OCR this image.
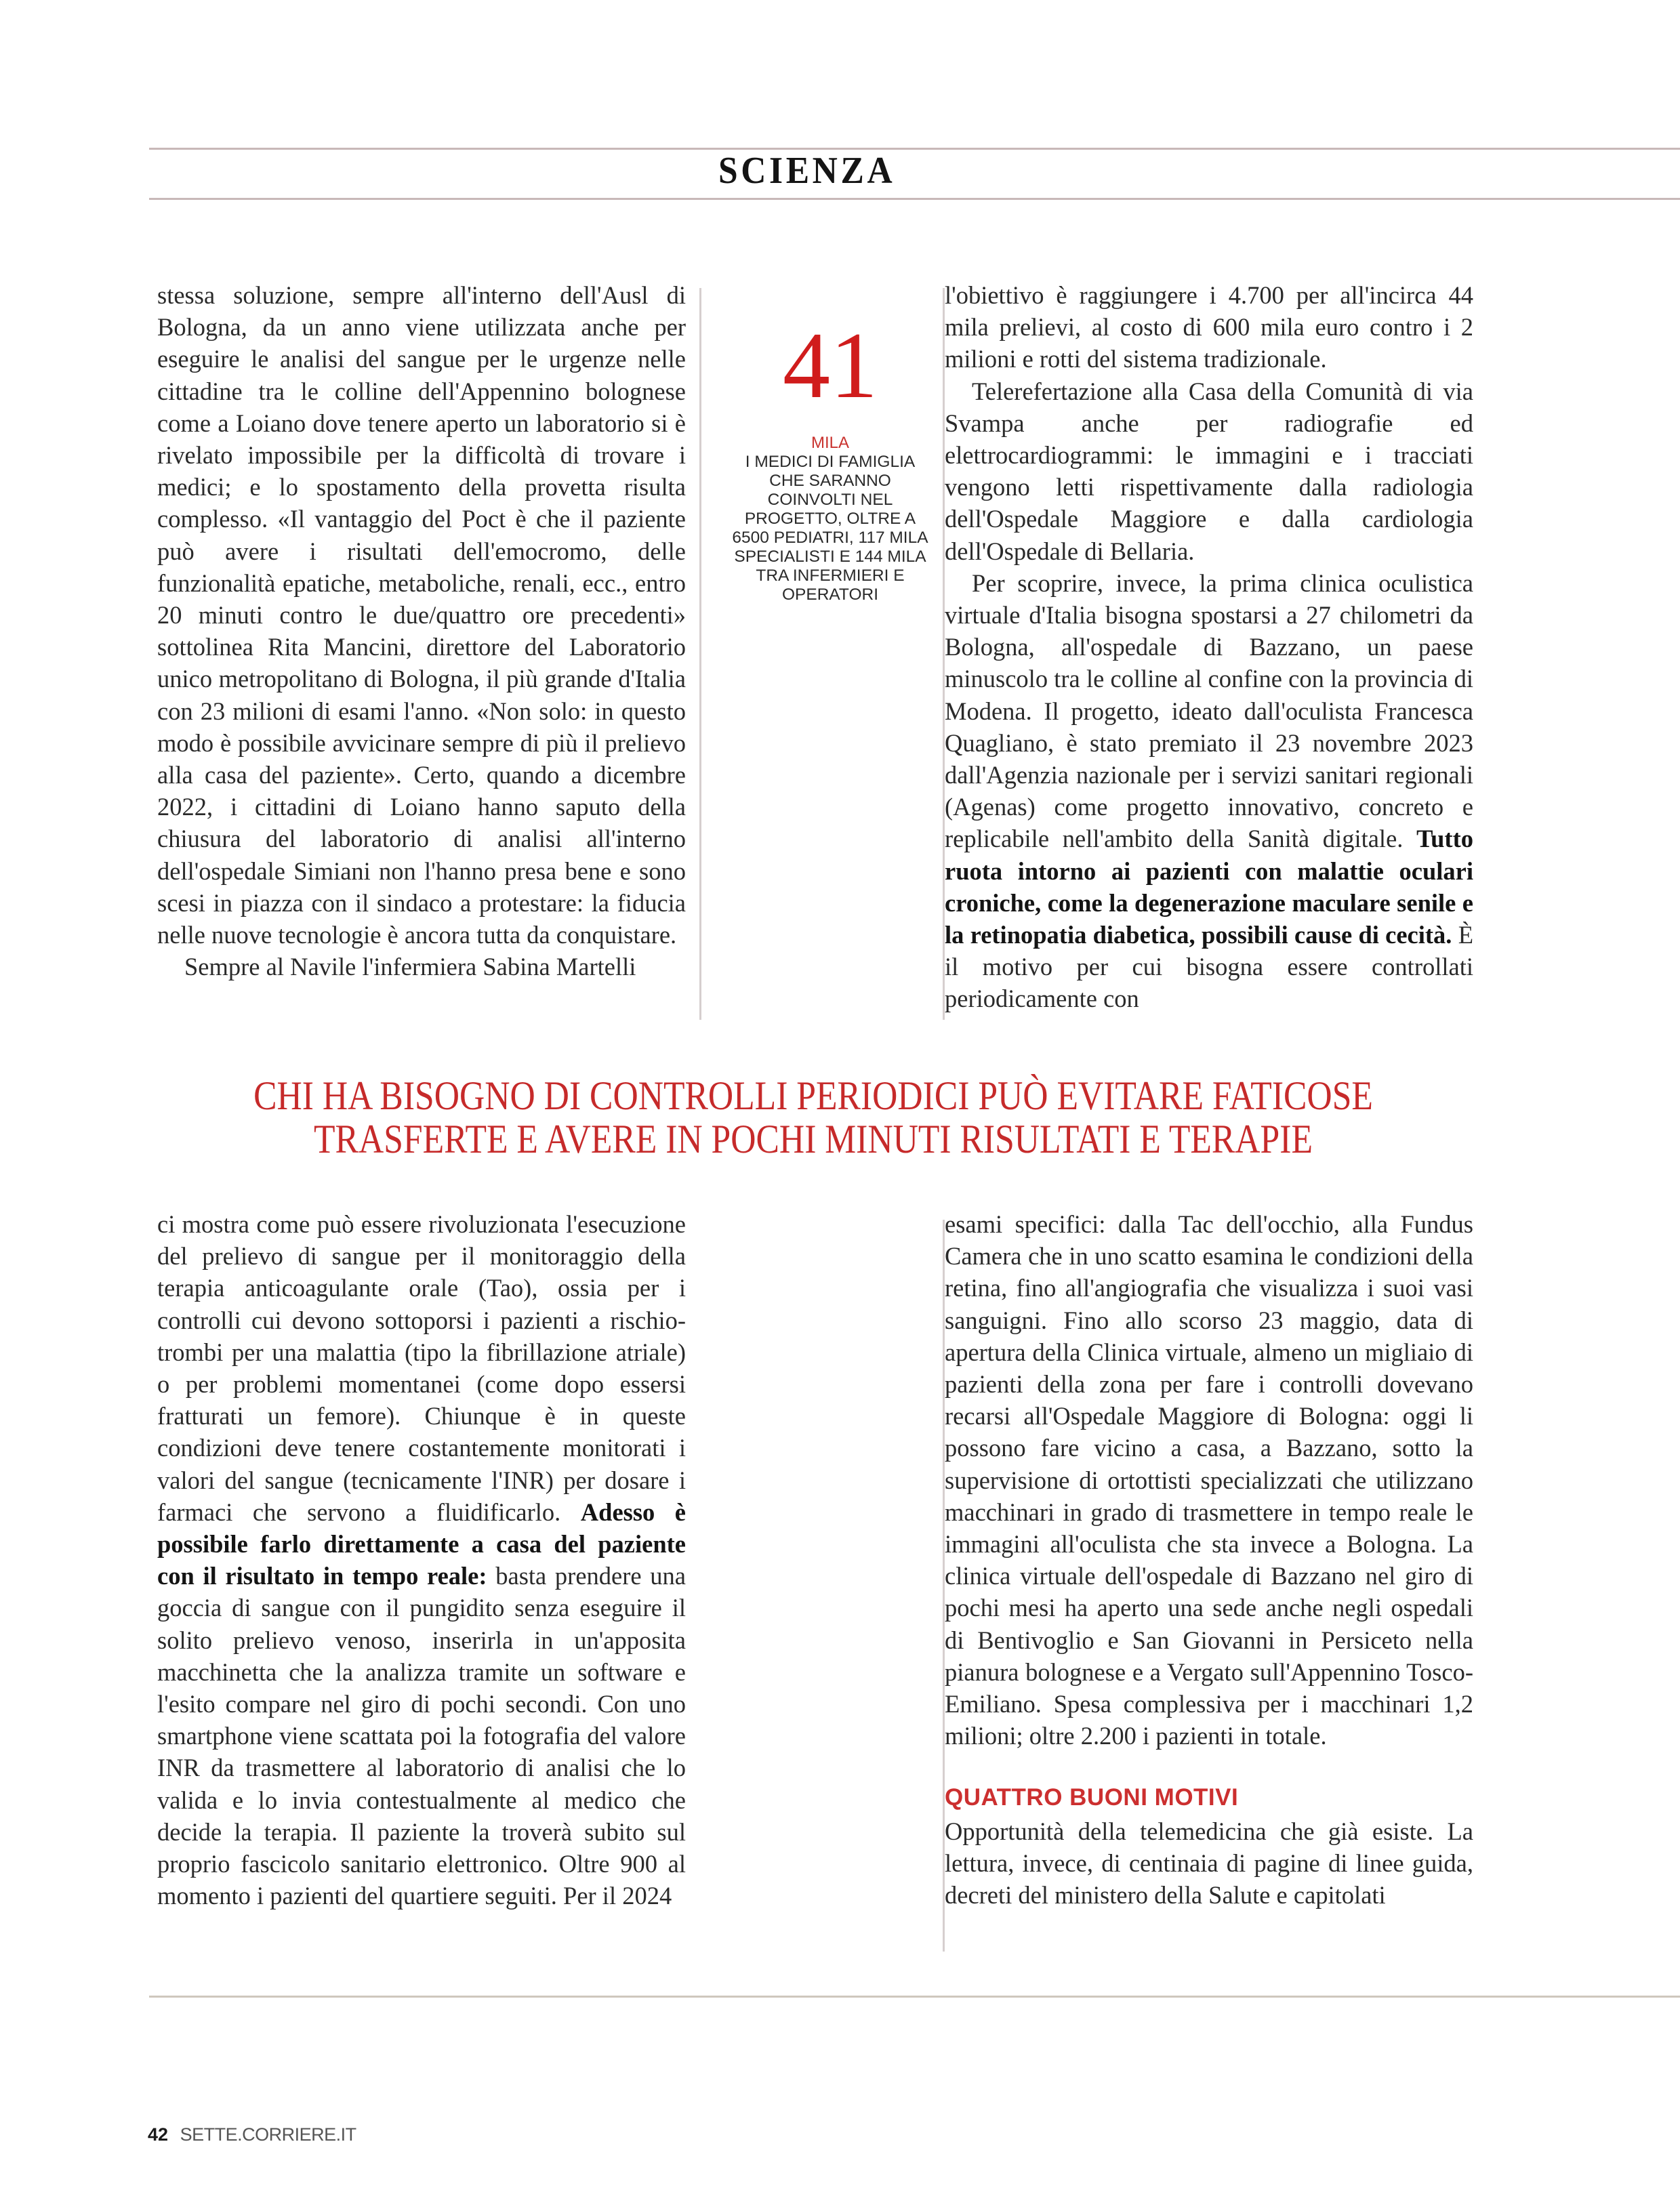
SCIENZA

stessa soluzione, sempre all'interno dell'Ausl di Bologna, da un anno viene utilizzata anche per eseguire le analisi del sangue per le urgenze nelle cittadine tra le colline dell'Appennino bolognese come a Loiano dove tenere aperto un laboratorio si è rivelato impossibile per la difficoltà di trovare i medici; e lo spostamento della provetta risulta complesso. «Il vantaggio del Poct è che il paziente può avere i risultati dell'emocromo, delle funzionalità epatiche, metaboliche, renali, ecc., entro 20 minuti contro le due/quattro ore precedenti» sottolinea Rita Mancini, direttore del Laboratorio unico metropolitano di Bologna, il più grande d'Italia con 23 milioni di esami l'anno. «Non solo: in questo modo è possibile avvicinare sempre di più il prelievo alla casa del paziente». Certo, quando a dicembre 2022, i cittadini di Loiano hanno saputo della chiusura del laboratorio di analisi all'interno dell'ospedale Simiani non l'hanno presa bene e sono scesi in piazza con il sindaco a protestare: la fiducia nelle nuove tecnologie è ancora tutta da conquistare.

Sempre al Navile l'infermiera Sabina Martelli

41
MILA
I MEDICI DI FAMIGLIA CHE SARANNO COINVOLTI NEL PROGETTO, OLTRE A 6500 PEDIATRI, 117 MILA SPECIALISTI E 144 MILA TRA INFERMIERI E OPERATORI

l'obiettivo è raggiungere i 4.700 per all'incirca 44 mila prelievi, al costo di 600 mila euro contro i 2 milioni e rotti del sistema tradizionale.

Telerefertazione alla Casa della Comunità di via Svampa anche per radiografie ed elettrocardiogrammi: le immagini e i tracciati vengono letti rispettivamente dalla radiologia dell'Ospedale Maggiore e dalla cardiologia dell'Ospedale di Bellaria.

Per scoprire, invece, la prima clinica oculistica virtuale d'Italia bisogna spostarsi a 27 chilometri da Bologna, all'ospedale di Bazzano, un paese minuscolo tra le colline al confine con la provincia di Modena. Il progetto, ideato dall'oculista Francesca Quagliano, è stato premiato il 23 novembre 2023 dall'Agenzia nazionale per i servizi sanitari regionali (Agenas) come progetto innovativo, concreto e replicabile nell'ambito della Sanità digitale. Tutto ruota intorno ai pazienti con malattie oculari croniche, come la degenerazione maculare senile e la retinopatia diabetica, possibili cause di cecità. È il motivo per cui bisogna essere controllati periodicamente con

CHI HA BISOGNO DI CONTROLLI PERIODICI PUÒ EVITARE FATICOSE
TRASFERTE E AVERE IN POCHI MINUTI RISULTATI E TERAPIE

ci mostra come può essere rivoluzionata l'esecuzione del prelievo di sangue per il monitoraggio della terapia anticoagulante orale (Tao), ossia per i controlli cui devono sottoporsi i pazienti a rischio-trombi per una malattia (tipo la fibrillazione atriale) o per problemi momentanei (come dopo essersi fratturati un femore). Chiunque è in queste condizioni deve tenere costantemente monitorati i valori del sangue (tecnicamente l'INR) per dosare i farmaci che servono a fluidificarlo. Adesso è possibile farlo direttamente a casa del paziente con il risultato in tempo reale: basta prendere una goccia di sangue con il pungidito senza eseguire il solito prelievo venoso, inserirla in un'apposita macchinetta che la analizza tramite un software e l'esito compare nel giro di pochi secondi. Con uno smartphone viene scattata poi la fotografia del valore INR da trasmettere al laboratorio di analisi che lo valida e lo invia contestualmente al medico che decide la terapia. Il paziente la troverà subito sul proprio fascicolo sanitario elettronico. Oltre 900 al momento i pazienti del quartiere seguiti. Per il 2024

esami specifici: dalla Tac dell'occhio, alla Fundus Camera che in uno scatto esamina le condizioni della retina, fino all'angiografia che visualizza i suoi vasi sanguigni. Fino allo scorso 23 maggio, data di apertura della Clinica virtuale, almeno un migliaio di pazienti della zona per fare i controlli dovevano recarsi all'Ospedale Maggiore di Bologna: oggi li possono fare vicino a casa, a Bazzano, sotto la supervisione di ortottisti specializzati che utilizzano macchinari in grado di trasmettere in tempo reale le immagini all'oculista che sta invece a Bologna. La clinica virtuale dell'ospedale di Bazzano nel giro di pochi mesi ha aperto una sede anche negli ospedali di Bentivoglio e San Giovanni in Persiceto nella pianura bolognese e a Vergato sull'Appennino Tosco-Emiliano. Spesa complessiva per i macchinari 1,2 milioni; oltre 2.200 i pazienti in totale.

QUATTRO BUONI MOTIVI

Opportunità della telemedicina che già esiste. La lettura, invece, di centinaia di pagine di linee guida, decreti del ministero della Salute e capitolati

42 SETTE.CORRIERE.IT
